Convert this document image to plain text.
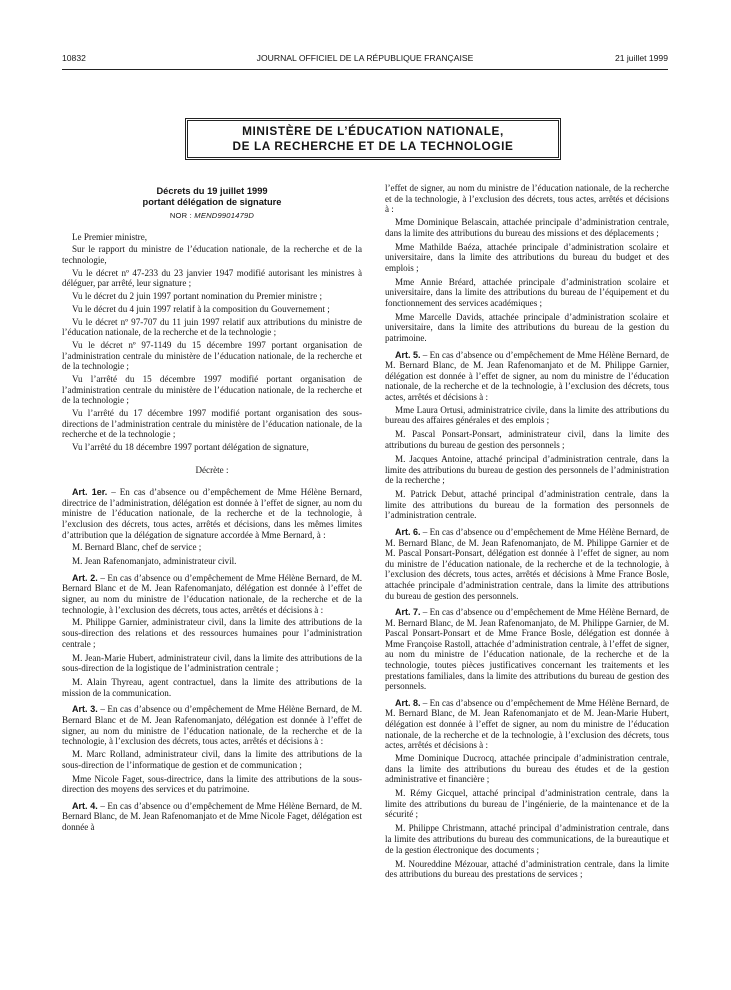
10832	JOURNAL OFFICIEL DE LA RÉPUBLIQUE FRANÇAISE	21 juillet 1999
MINISTÈRE DE L’ÉDUCATION NATIONALE,
DE LA RECHERCHE ET DE LA TECHNOLOGIE
Décrets du 19 juillet 1999
portant délégation de signature
NOR : MEND9901479D

Le Premier ministre,

Sur le rapport du ministre de l’éducation nationale, de la recherche et de la technologie,

Vu le décret nº 47-233 du 23 janvier 1947 modifié autorisant les ministres à déléguer, par arrêté, leur signature ;

Vu le décret du 2 juin 1997 portant nomination du Premier ministre ;

Vu le décret du 4 juin 1997 relatif à la composition du Gouvernement ;

Vu le décret nº 97-707 du 11 juin 1997 relatif aux attributions du ministre de l’éducation nationale, de la recherche et de la technologie ;

Vu le décret nº 97-1149 du 15 décembre 1997 portant organisation de l’administration centrale du ministère de l’éducation nationale, de la recherche et de la technologie ;

Vu l’arrêté du 15 décembre 1997 modifié portant organisation de l’administration centrale du ministère de l’éducation nationale, de la recherche et de la technologie ;

Vu l’arrêté du 17 décembre 1997 modifié portant organisation des sous-directions de l’administration centrale du ministère de l’éducation nationale, de la recherche et de la technologie ;

Vu l’arrêté du 18 décembre 1997 portant délégation de signature,

Décrète :

Art. 1er. – En cas d’absence ou d’empêchement de Mme Hélène Bernard, directrice de l’administration, délégation est donnée à l’effet de signer, au nom du ministre de l’éducation nationale, de la recherche et de la technologie, à l’exclusion des décrets, tous actes, arrêtés et décisions, dans les mêmes limites d’attribution que la délégation de signature accordée à Mme Bernard, à :

M. Bernard Blanc, chef de service ;

M. Jean Rafenomanjato, administrateur civil.

Art. 2. – En cas d’absence ou d’empêchement de Mme Hélène Bernard, de M. Bernard Blanc et de M. Jean Rafenomanjato, délégation est donnée à l’effet de signer, au nom du ministre de l’éducation nationale, de la recherche et de la technologie, à l’exclusion des décrets, tous actes, arrêtés et décisions à :

M. Philippe Garnier, administrateur civil, dans la limite des attributions de la sous-direction des relations et des ressources humaines pour l’administration centrale ;

M. Jean-Marie Hubert, administrateur civil, dans la limite des attributions de la sous-direction de la logistique de l’administration centrale ;

M. Alain Thyreau, agent contractuel, dans la limite des attributions de la mission de la communication.

Art. 3. – En cas d’absence ou d’empêchement de Mme Hélène Bernard, de M. Bernard Blanc et de M. Jean Rafenomanjato, délégation est donnée à l’effet de signer, au nom du ministre de l’éducation nationale, de la recherche et de la technologie, à l’exclusion des décrets, tous actes, arrêtés et décisions à :

M. Marc Rolland, administrateur civil, dans la limite des attributions de la sous-direction de l’informatique de gestion et de communication ;

Mme Nicole Faget, sous-directrice, dans la limite des attributions de la sous-direction des moyens des services et du patrimoine.

Art. 4. – En cas d’absence ou d’empêchement de Mme Hélène Bernard, de M. Bernard Blanc, de M. Jean Rafenomanjato et de Mme Nicole Faget, délégation est donnée à

l’effet de signer, au nom du ministre de l’éducation nationale, de la recherche et de la technologie, à l’exclusion des décrets, tous actes, arrêtés et décisions à :

Mme Dominique Belascain, attachée principale d’administration centrale, dans la limite des attributions du bureau des missions et des déplacements ;

Mme Mathilde Baéza, attachée principale d’administration scolaire et universitaire, dans la limite des attributions du bureau du budget et des emplois ;

Mme Annie Bréard, attachée principale d’administration scolaire et universitaire, dans la limite des attributions du bureau de l’équipement et du fonctionnement des services académiques ;

Mme Marcelle Davids, attachée principale d’administration scolaire et universitaire, dans la limite des attributions du bureau de la gestion du patrimoine.

Art. 5. – En cas d’absence ou d’empêchement de Mme Hélène Bernard, de M. Bernard Blanc, de M. Jean Rafenomanjato et de M. Philippe Garnier, délégation est donnée à l’effet de signer, au nom du ministre de l’éducation nationale, de la recherche et de la technologie, à l’exclusion des décrets, tous actes, arrêtés et décisions à :

Mme Laura Ortusi, administratrice civile, dans la limite des attributions du bureau des affaires générales et des emplois ;

M. Pascal Ponsart-Ponsart, administrateur civil, dans la limite des attributions du bureau de gestion des personnels ;

M. Jacques Antoine, attaché principal d’administration centrale, dans la limite des attributions du bureau de gestion des personnels de l’administration de la recherche ;

M. Patrick Debut, attaché principal d’administration centrale, dans la limite des attributions du bureau de la formation des personnels de l’administration centrale.

Art. 6. – En cas d’absence ou d’empêchement de Mme Hélène Bernard, de M. Bernard Blanc, de M. Jean Rafenomanjato, de M. Philippe Garnier et de M. Pascal Ponsart-Ponsart, délégation est donnée à l’effet de signer, au nom du ministre de l’éducation nationale, de la recherche et de la technologie, à l’exclusion des décrets, tous actes, arrêtés et décisions à Mme France Bosle, attachée principale d’administration centrale, dans la limite des attributions du bureau de gestion des personnels.

Art. 7. – En cas d’absence ou d’empêchement de Mme Hélène Bernard, de M. Bernard Blanc, de M. Jean Rafenomanjato, de M. Philippe Garnier, de M. Pascal Ponsart-Ponsart et de Mme France Bosle, délégation est donnée à Mme Françoise Rastoll, attachée d’administration centrale, à l’effet de signer, au nom du ministre de l’éducation nationale, de la recherche et de la technologie, toutes pièces justificatives concernant les traitements et les prestations familiales, dans la limite des attributions du bureau de gestion des personnels.

Art. 8. – En cas d’absence ou d’empêchement de Mme Hélène Bernard, de M. Bernard Blanc, de M. Jean Rafenomanjato et de M. Jean-Marie Hubert, délégation est donnée à l’effet de signer, au nom du ministre de l’éducation nationale, de la recherche et de la technologie, à l’exclusion des décrets, tous actes, arrêtés et décisions à :

Mme Dominique Ducrocq, attachée principale d’administration centrale, dans la limite des attributions du bureau des études et de la gestion administrative et financière ;

M. Rémy Gicquel, attaché principal d’administration centrale, dans la limite des attributions du bureau de l’ingénierie, de la maintenance et de la sécurité ;

M. Philippe Christmann, attaché principal d’administration centrale, dans la limite des attributions du bureau des communications, de la bureautique et de la gestion électronique des documents ;

M. Noureddine Mézouar, attaché d’administration centrale, dans la limite des attributions du bureau des prestations de services ;
